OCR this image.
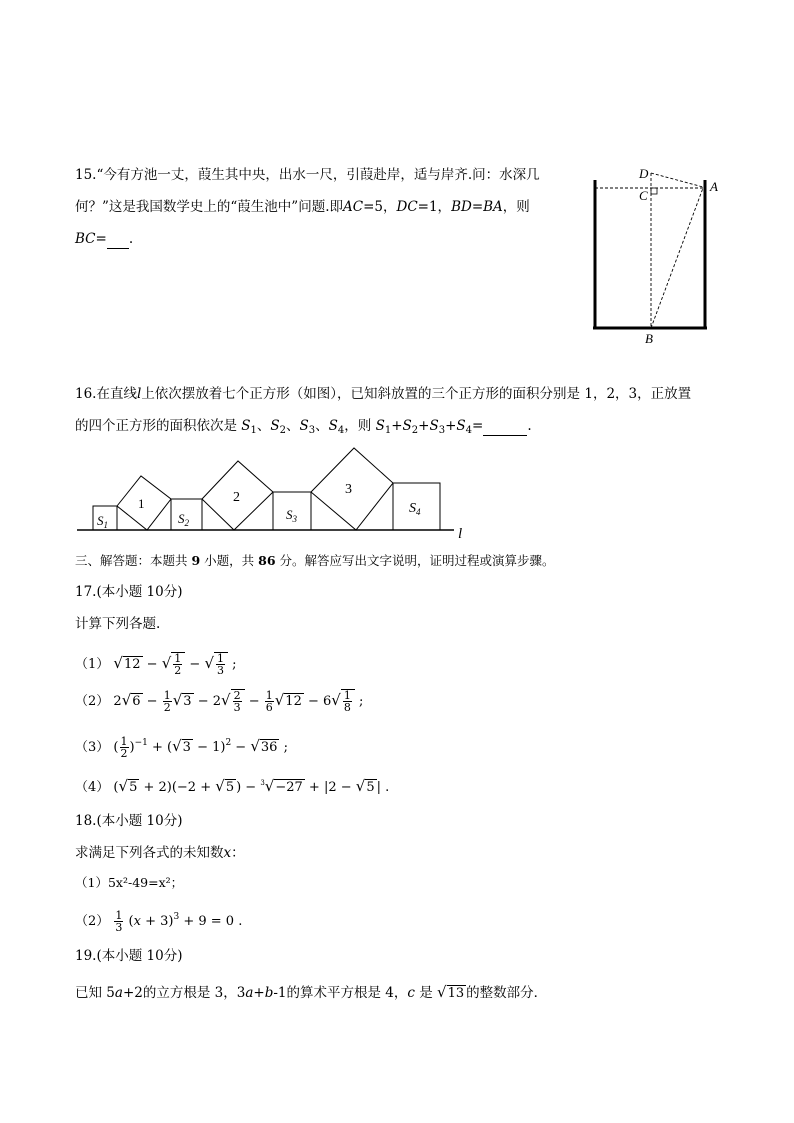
15.“今有方池一丈，葭生其中央，出水一尺，引葭赴岸，适与岸齐.问：水深几
何？”这是我国数学史上的“葭生池中”问题.即AC=5，DC=1，BD=BA，则
BC= .
D
C
A
B
16.在直线l上依次摆放着七个正方形（如图），已知斜放置的三个正方形的面积分别是 1，2，3，正放置
的四个正方形的面积依次是 $S_1$、$S_2$、$S_3$、$S_4$，则 $S_1+S_2+S_3+S_4=$	.
l
$S_1$
1
$S_2$
2
$S_3$
3
$S_4$
三、解答题：本题共 9 小题，共 86 分。解答应写出文字说明，证明过程或演算步骤。
17.(本小题 10分)
计算下列各题.
（1） √12 − √ $\frac{1}{2}$ − √ $\frac{1}{3}$ ;
（2） $2√6 - \frac{1}{2} √3 - 2√ \frac{2}{3} - \frac{1}{6} √12 - 6√ \frac{1}{8}$ ;
（3） ( $\frac{1}{2} )^{-1} + (√3 - 1)^2 - √36$ ;
（4） (√5 + 2)(−2 + √5 ) − $^3$√−27 + |2 − √5 | .
18.(本小题 10分)
求满足下列各式的未知数x：
（1）5x²-49=x²；
$(2) \frac{1}{3} (x + 3)^3 + 9 = 0$ .
19.(本小题 10分)
已知 5a+2的立方根是 3，3a+b-1的算术平方根是 4，c 是 √13 的整数部分．
